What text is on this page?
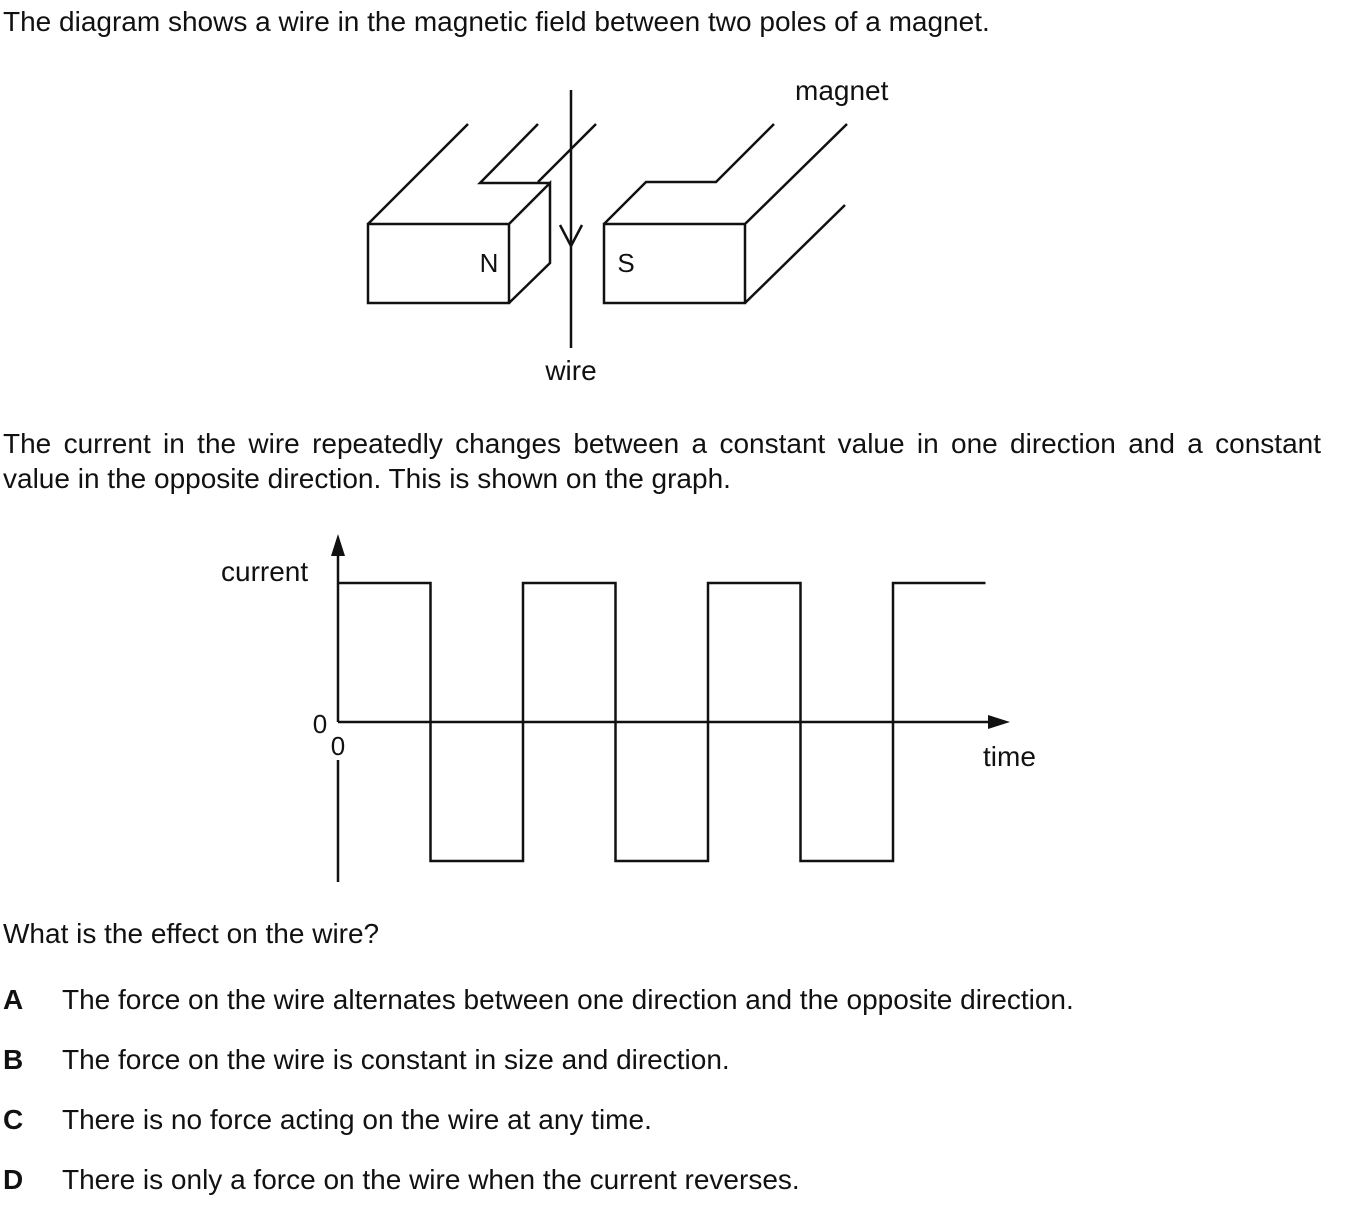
The diagram shows a wire in the magnetic field between two poles of a magnet.
magnet
N	S
wire
The current in the wire repeatedly changes between a constant value in one direction and a constant value in the opposite direction. This is shown on the graph.
current
0
0	time
What is the effect on the wire?
A The force on the wire alternates between one direction and the opposite direction.
B The force on the wire is constant in size and direction.
C There is no force acting on the wire at any time.
D There is only a force on the wire when the current reverses.
